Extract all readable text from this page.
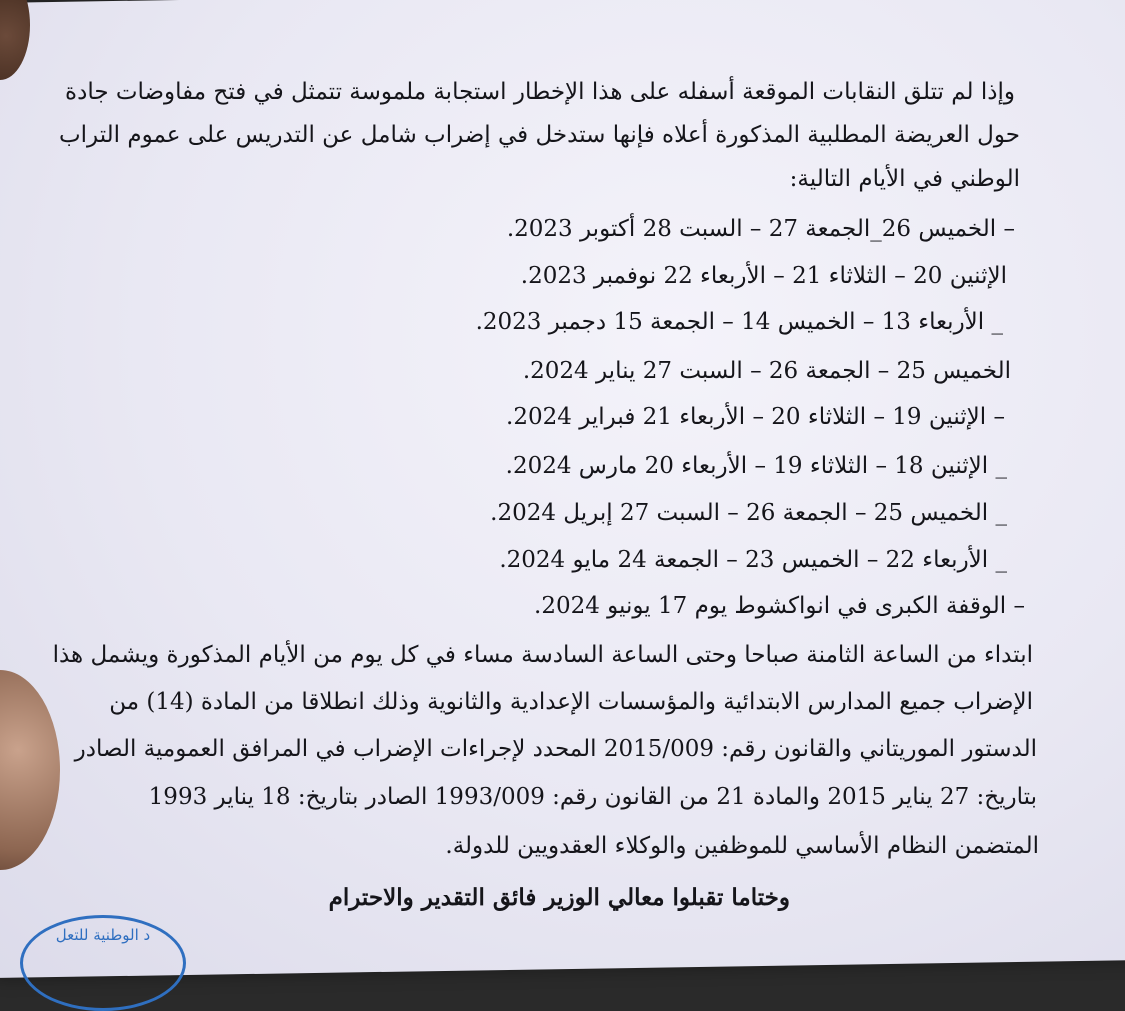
وإذا لم تتلق النقابات الموقعة أسفله على هذا الإخطار استجابة ملموسة تتمثل في فتح مفاوضات جادة
حول العريضة المطلبية المذكورة أعلاه فإنها ستدخل في إضراب شامل عن التدريس على عموم التراب
الوطني في الأيام التالية:
– الخميس 26_الجمعة 27 – السبت 28 أكتوبر 2023.
الإثنين 20 – الثلاثاء 21 – الأربعاء 22 نوفمبر 2023.
_ الأربعاء 13 – الخميس 14 – الجمعة 15 دجمبر 2023.
الخميس 25 – الجمعة 26 – السبت 27 يناير 2024.
– الإثنين 19 – الثلاثاء 20 – الأربعاء 21 فبراير 2024.
_ الإثنين 18 – الثلاثاء 19 – الأربعاء 20 مارس 2024.
_ الخميس 25 – الجمعة 26 – السبت 27 إبريل 2024.
_ الأربعاء 22 – الخميس 23 – الجمعة 24 مايو 2024.
– الوقفة الكبرى في انواكشوط يوم 17 يونيو 2024.
ابتداء من الساعة الثامنة صباحا وحتى الساعة السادسة مساء في كل يوم من الأيام المذكورة ويشمل هذا
الإضراب جميع المدارس الابتدائية والمؤسسات الإعدادية والثانوية وذلك انطلاقا من المادة (14) من
الدستور الموريتاني والقانون رقم: 2015/009 المحدد لإجراءات الإضراب في المرافق العمومية الصادر
بتاريخ: 27 يناير 2015 والمادة 21 من القانون رقم: 1993/009 الصادر بتاريخ: 18 يناير 1993
المتضمن النظام الأساسي للموظفين والوكلاء العقدويين للدولة.
وختاما تقبلوا معالي الوزير فائق التقدير والاحترام
د الوطنية للتعل
